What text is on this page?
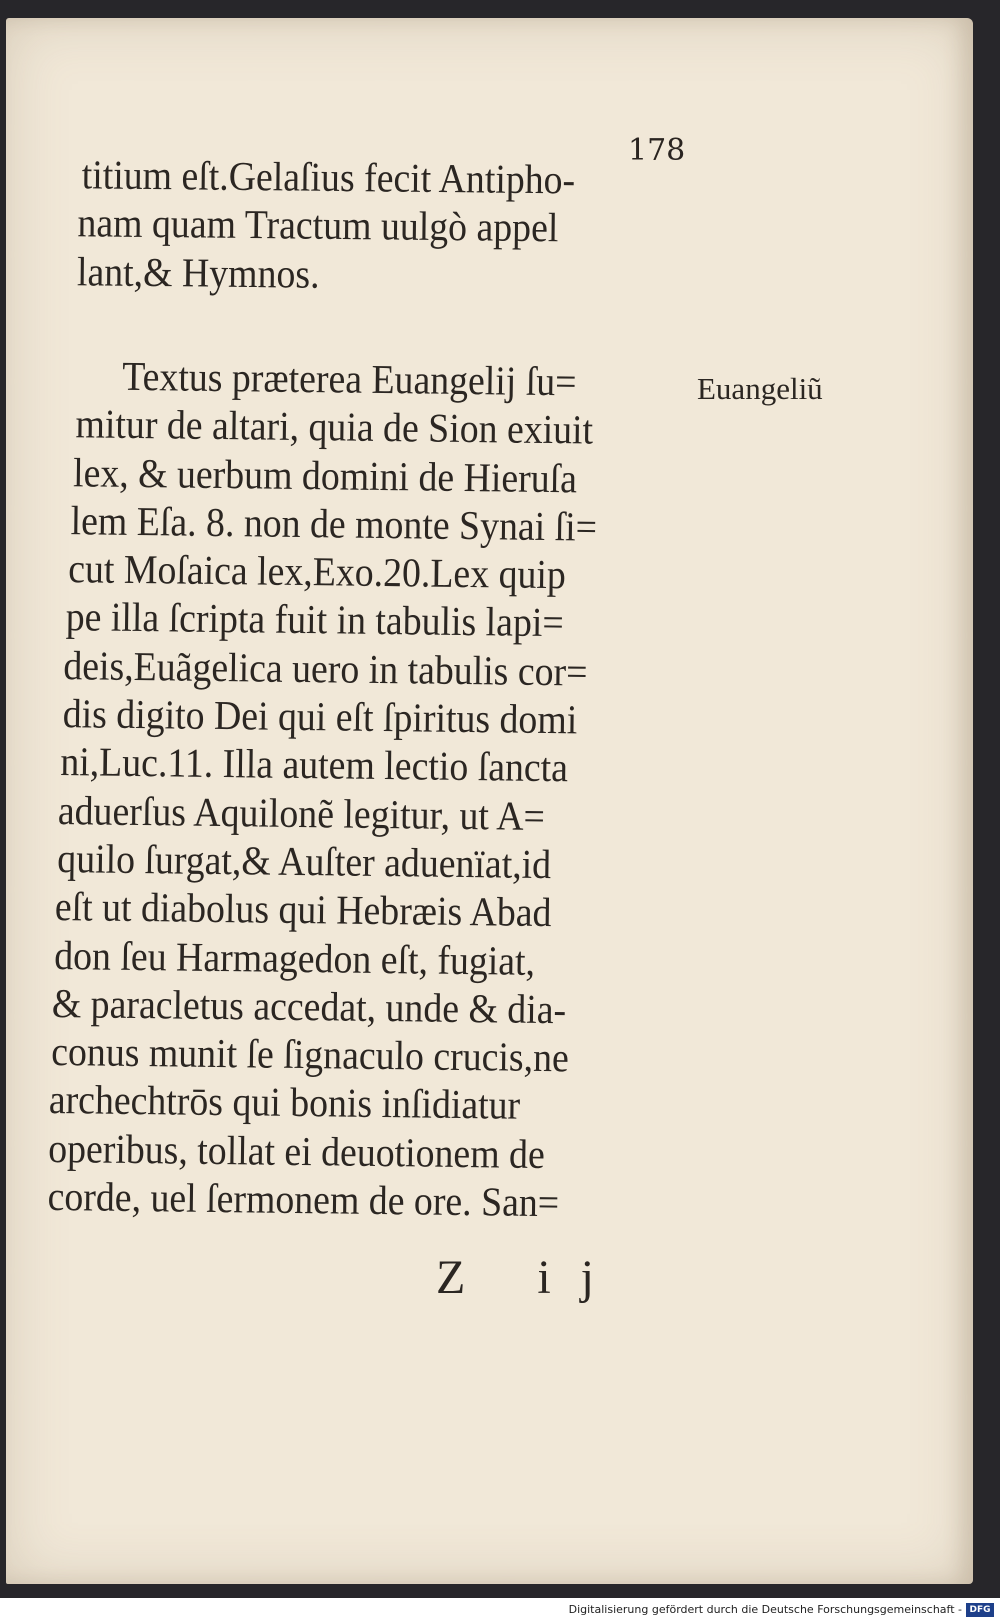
178
titium eſt.Gelaſius fecit Antipho‑
nam quam Tractum uulgò appel
lant,& Hymnos.
Textus præterea Euangelij ſu=
mitur de altari, quia de Sion exiuit
lex, & uerbum domini de Hieruſa
lem Eſa. 8. non de monte Synai ſi=
cut Moſaica lex,Exo.20.Lex quip
pe illa ſcripta fuit in tabulis lapi=
deis,Euãgelica uero in tabulis cor=
dis digito Dei qui eſt ſpiritus domi
ni,Luc.11. Illa autem lectio ſancta
aduerſus Aquilonẽ legitur, ut A=
quilo ſurgat,& Auſter aduenïat,id
eſt ut diabolus qui Hebræis Abad
don ſeu Harmagedon eſt, fugiat,
& paracletus accedat, unde & dia‑
conus munit ſe ſignaculo crucis,ne
archechtrōs qui bonis inſidiatur
operibus, tollat ei deuotionem de
corde, uel ſermonem de ore. San=
Euangeliũ
Z ij
Digitalisierung gefördert durch die Deutsche Forschungsgemeinschaft - DFG
